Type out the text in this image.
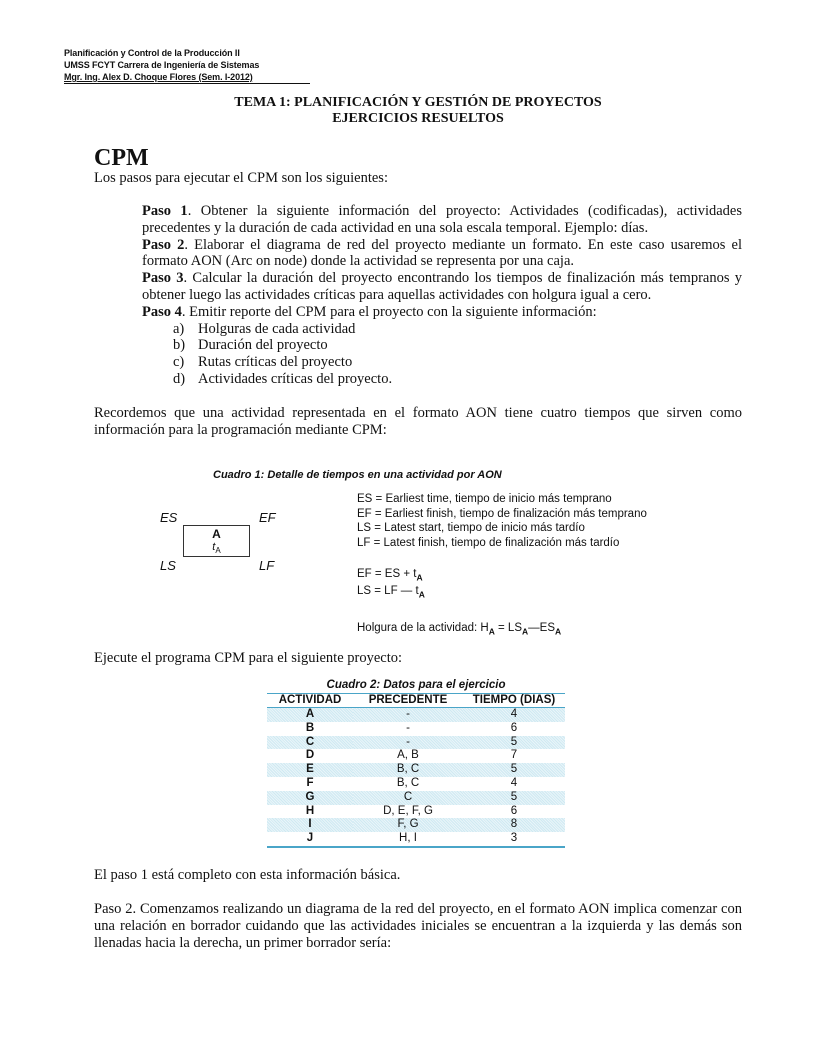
Planificación y Control de la Producción II
UMSS FCYT Carrera de Ingeniería de Sistemas
Mgr. Ing. Alex D. Choque Flores (Sem. I-2012)
TEMA 1: PLANIFICACIÓN Y GESTIÓN DE PROYECTOS
EJERCICIOS RESUELTOS
CPM
Los pasos para ejecutar el CPM son los siguientes:

Paso 1. Obtener la siguiente información del proyecto: Actividades (codificadas), actividades precedentes y la duración de cada actividad en una sola escala temporal. Ejemplo: días.

Paso 2. Elaborar el diagrama de red del proyecto mediante un formato. En este caso usaremos el formato AON (Arc on node) donde la actividad se representa por una caja.

Paso 3. Calcular la duración del proyecto encontrando los tiempos de finalización más tempranos y obtener luego las actividades críticas para aquellas actividades con holgura igual a cero.

Paso 4. Emitir reporte del CPM para el proyecto con la siguiente información:

a) Holguras de cada actividad
b) Duración del proyecto
c) Rutas críticas del proyecto
d) Actividades críticas del proyecto.
Recordemos que una actividad representada en el formato AON tiene cuatro tiempos que sirven como información para la programación mediante CPM:
Cuadro 1: Detalle de tiempos en una actividad por AON
ES	EF
LS	LF
A
$t_A$
ES = Earliest time, tiempo de inicio más temprano
EF = Earliest finish, tiempo de finalización más temprano
LS = Latest start, tiempo de inicio más tardío
LF = Latest finish, tiempo de finalización más tardío
EF = ES + $t_A$
LS = LF — $t_A$
Holgura de la actividad: $H_A$ = $LS_A—ES_A$
Ejecute el programa CPM para el siguiente proyecto:
Cuadro 2: Datos para el ejercicio
ACTIVIDAD	PRECEDENTE	TIEMPO (DIAS)
A	-	4
B	-	6
C	-	5
D	A, B	7
E	B, C	5
F	B, C	4
G	C	5
H	D, E, F, G	6
I	F, G	8
J	H, I	3
El paso 1 está completo con esta información básica.
Paso 2. Comenzamos realizando un diagrama de la red del proyecto, en el formato AON implica comenzar con una relación en borrador cuidando que las actividades iniciales se encuentran a la izquierda y las demás son llenadas hacia la derecha, un primer borrador sería:
